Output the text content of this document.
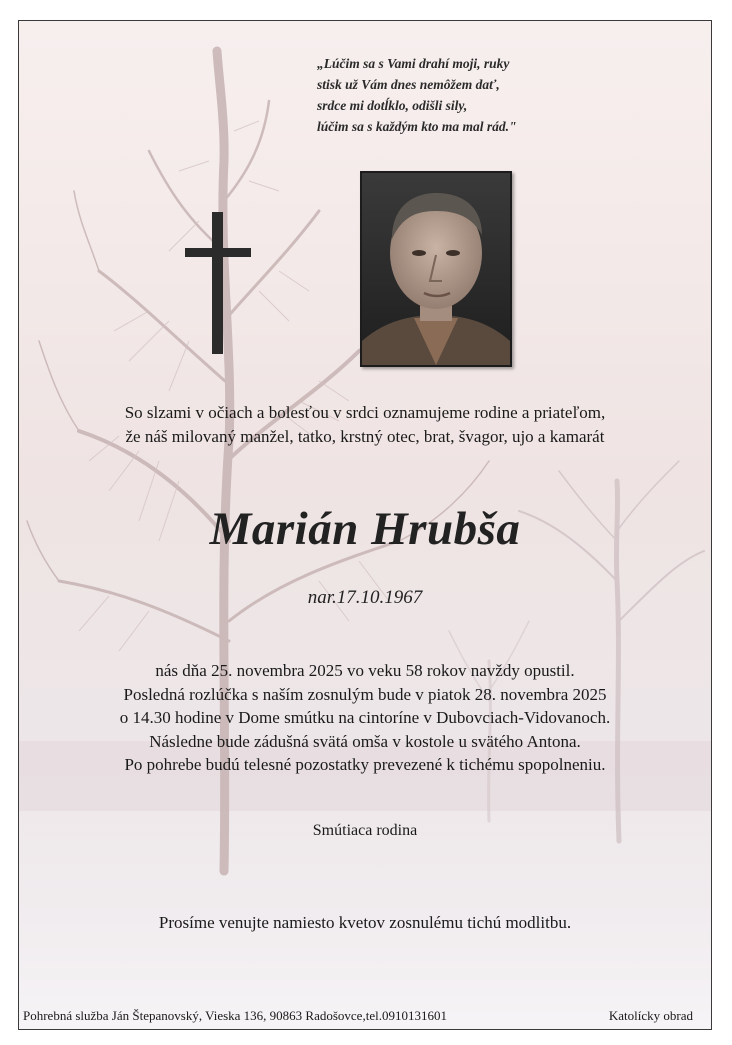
„Lúčim sa s Vami drahí moji, ruky
stisk už Vám dnes nemôžem dať,
srdce mi dotĺklo, odišli sily,
lúčim sa s každým kto ma mal rád."
So slzami v očiach a bolesťou v srdci oznamujeme rodine a priateľom,
že náš milovaný manžel, tatko, krstný otec, brat, švagor, ujo a kamarát
Marián Hrubša
nar.17.10.1967
nás dňa 25. novembra 2025 vo veku 58 rokov navždy opustil.
Posledná rozlúčka s naším zosnulým bude v piatok 28. novembra 2025
o 14.30 hodine v Dome smútku na cintoríne v Dubovciach-Vidovanoch.
Následne bude zádušná svätá omša v kostole u svätého Antona.
Po pohrebe budú telesné pozostatky prevezené k tichému spopolneniu.
Smútiaca rodina
Prosíme venujte namiesto kvetov zosnulému tichú modlitbu.
Pohrebná služba Ján Štepanovský, Vieska 136, 90863 Radošovce,tel.0910131601	Katolícky obrad
